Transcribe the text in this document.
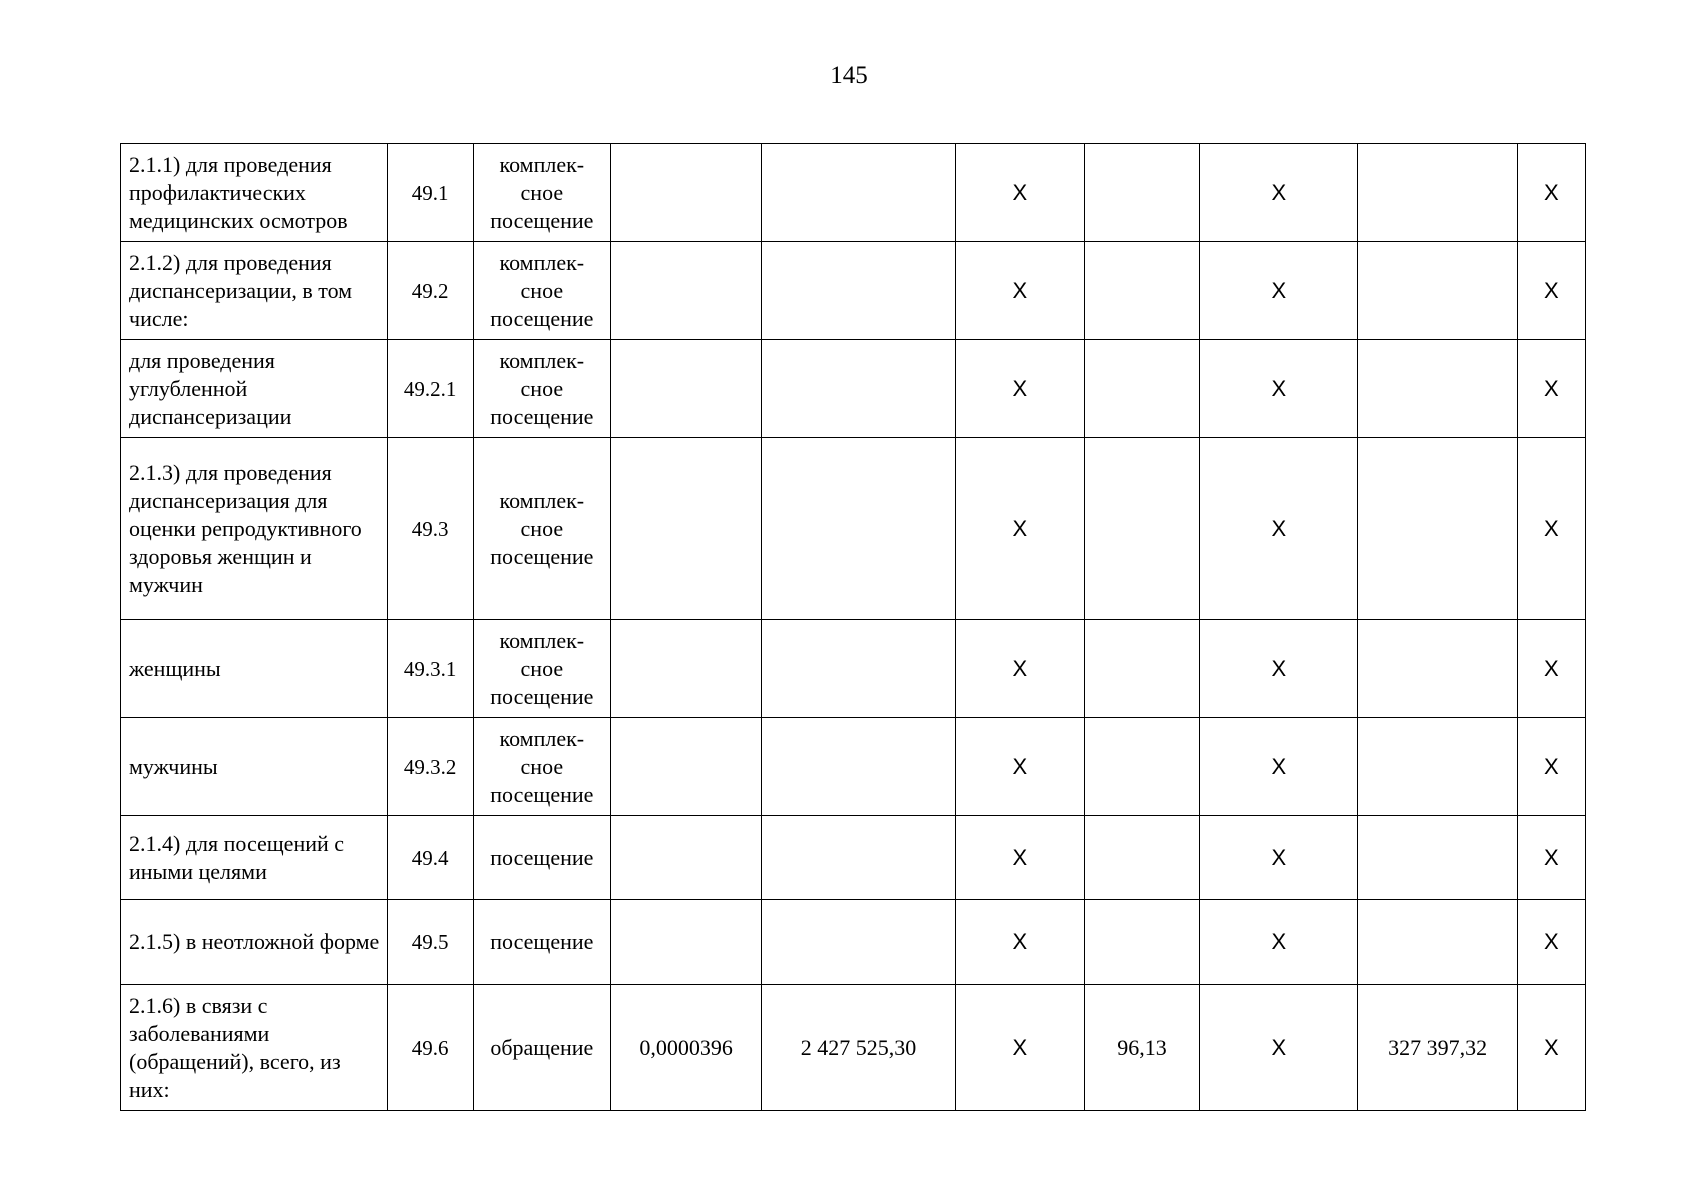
145
2.1.1) для проведения профилактических медицинских осмотров	49.1	комплек-сное посещение			Х		Х		Х
2.1.2) для проведения диспансеризации, в том числе:	49.2	комплек-сное посещение			Х		Х		Х
для проведения углубленной диспансеризации	49.2.1	комплек-сное посещение			Х		Х		Х
2.1.3) для проведения диспансеризация для оценки репродуктивного здоровья женщин и мужчин	49.3	комплек-сное посещение			Х		Х		Х
женщины	49.3.1	комплек-сное посещение			Х		Х		Х
мужчины	49.3.2	комплек-сное посещение			Х		Х		Х
2.1.4) для посещений с иными целями	49.4	посещение			Х		Х		Х
2.1.5) в неотложной форме	49.5	посещение			Х		Х		Х
2.1.6) в связи с заболеваниями (обращений), всего, из них:	49.6	обращение	0,0000396	2 427 525,30	Х	96,13	Х	327 397,32	Х
